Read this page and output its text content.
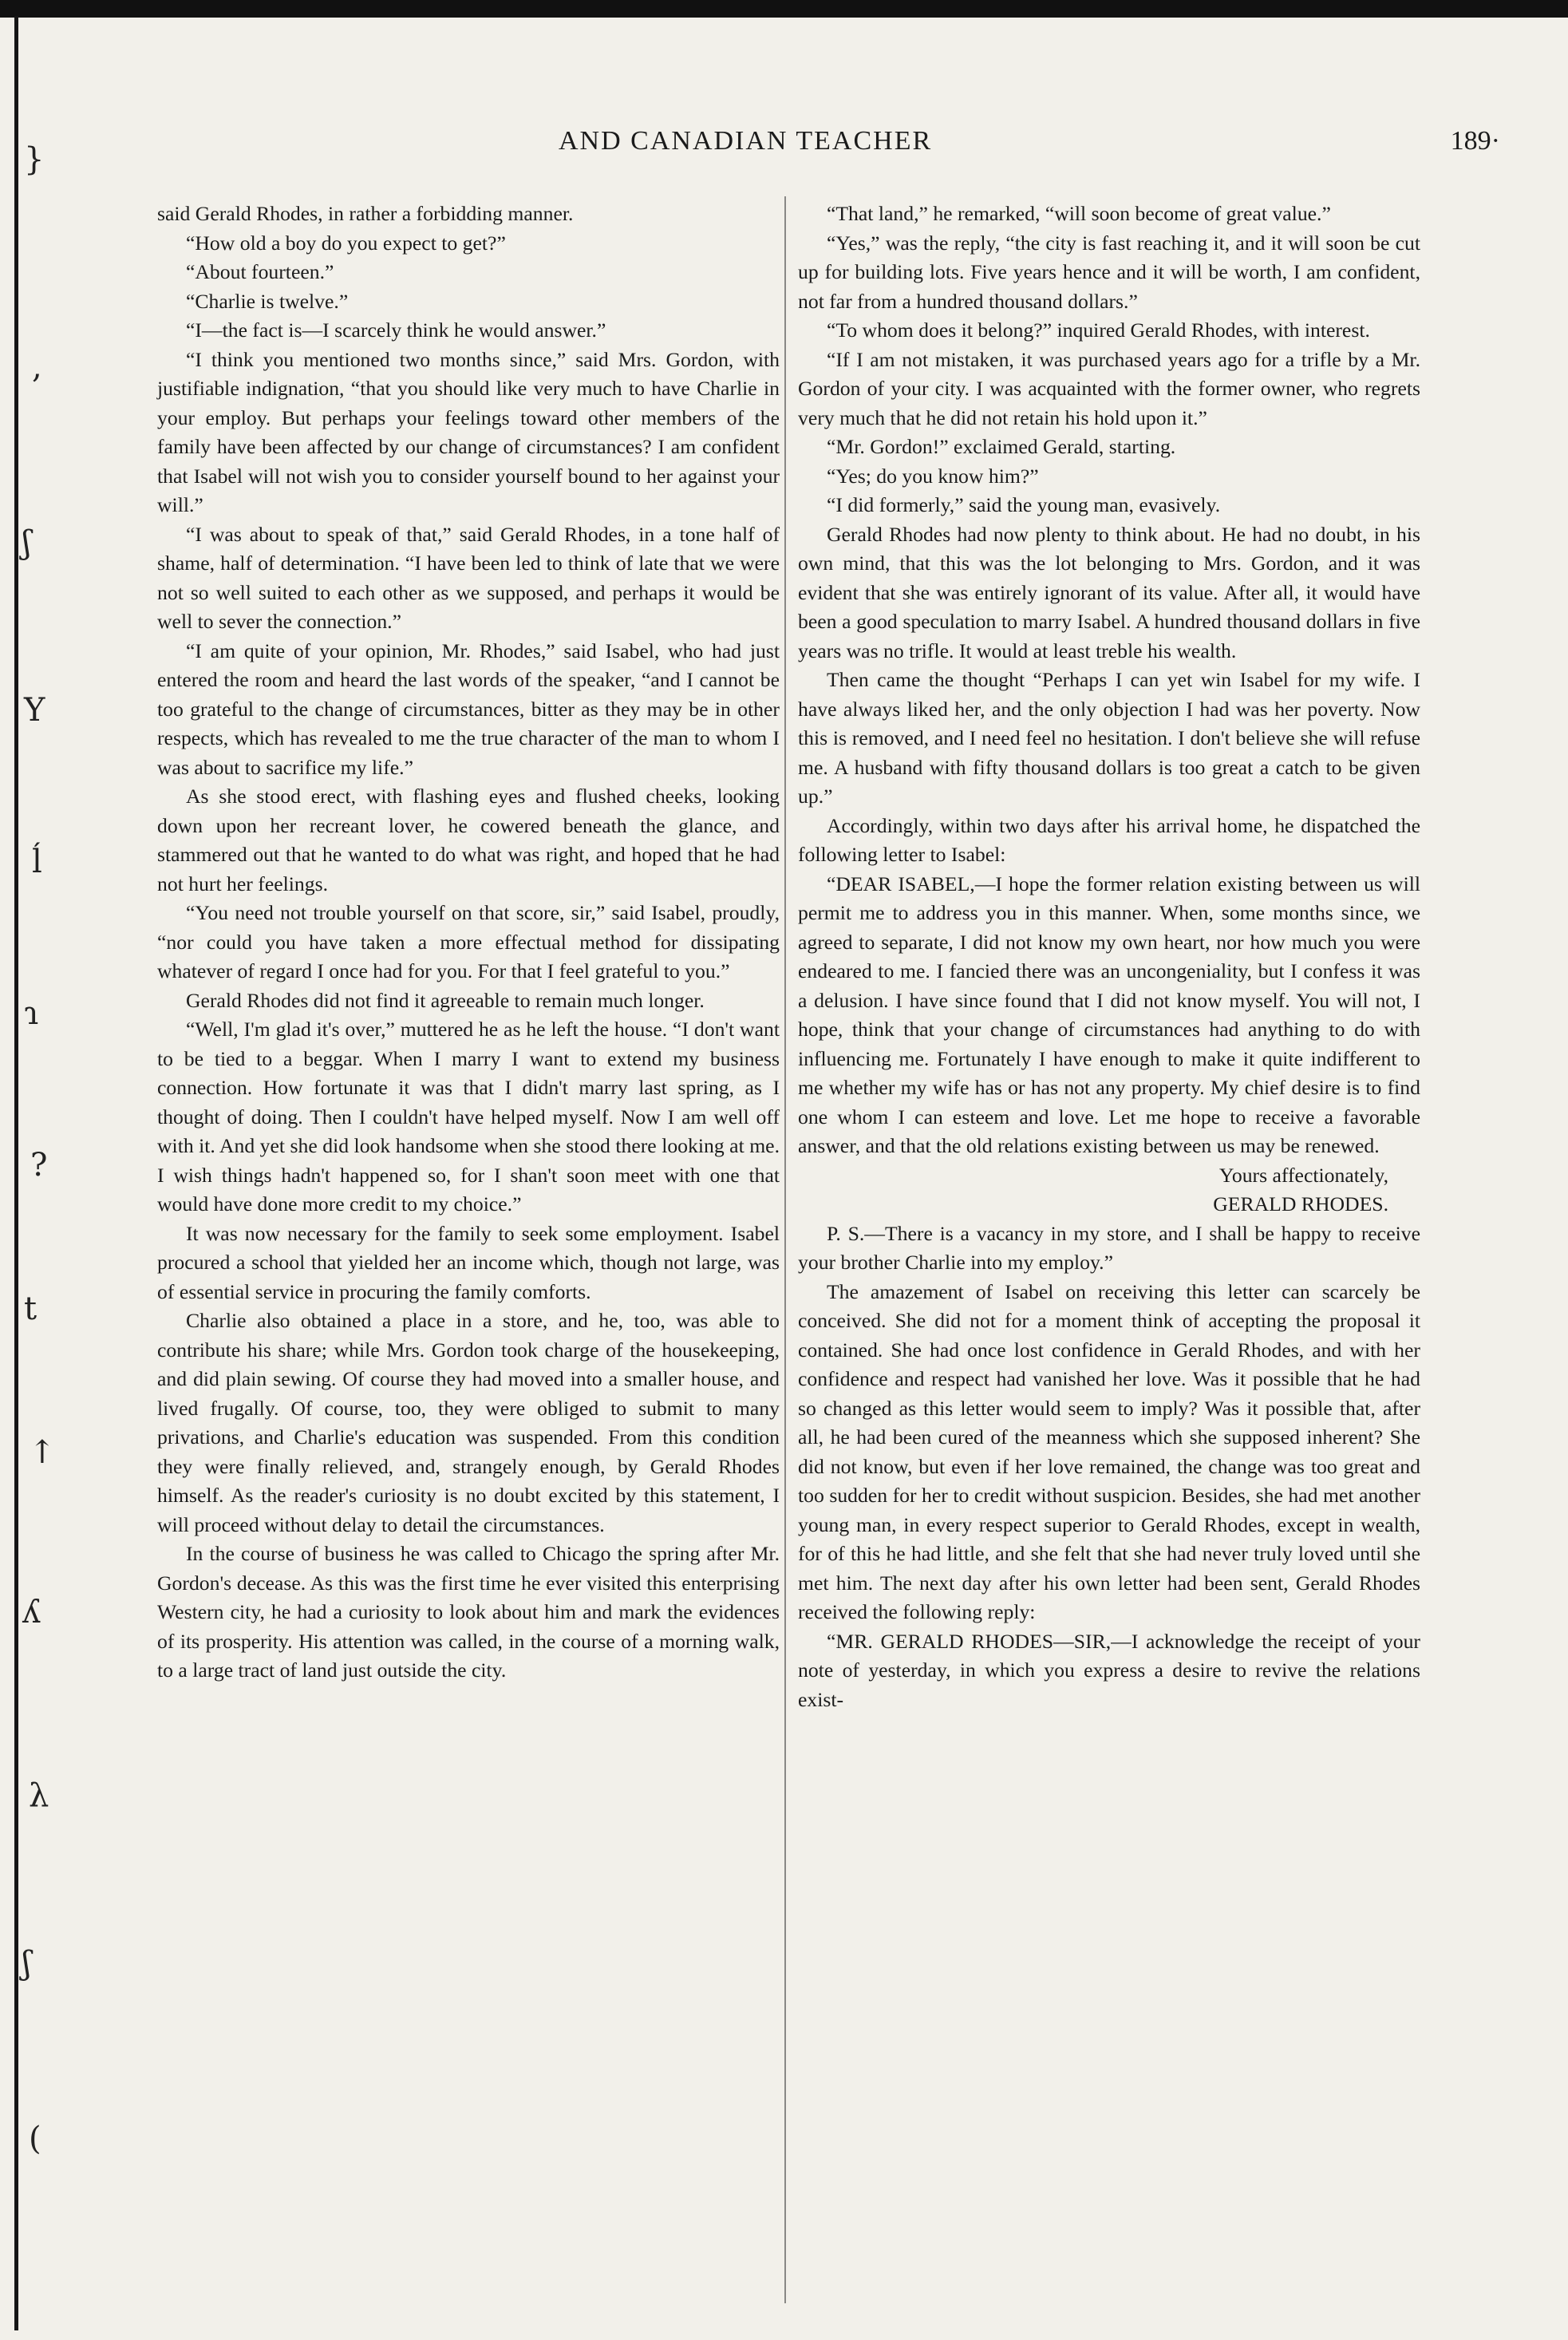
}
,
ʃ
Y
ĺ
ɿ
?
t
↑
ʎ
λ
ʃ
(
AND CANADIAN TEACHER	189·

said Gerald Rhodes, in rather a forbidding manner.

“How old a boy do you expect to get?”

“About fourteen.”

“Charlie is twelve.”

“I—the fact is—I scarcely think he would answer.”

“I think you mentioned two months since,” said Mrs. Gordon, with justifiable indignation, “that you should like very much to have Charlie in your employ. But perhaps your feelings toward other members of the family have been affected by our change of circumstances? I am confident that Isabel will not wish you to consider yourself bound to her against your will.”

“I was about to speak of that,” said Gerald Rhodes, in a tone half of shame, half of determination. “I have been led to think of late that we were not so well suited to each other as we supposed, and perhaps it would be well to sever the connection.”

“I am quite of your opinion, Mr. Rhodes,” said Isabel, who had just entered the room and heard the last words of the speaker, “and I cannot be too grateful to the change of circumstances, bitter as they may be in other respects, which has revealed to me the true character of the man to whom I was about to sacrifice my life.”

As she stood erect, with flashing eyes and flushed cheeks, looking down upon her recreant lover, he cowered beneath the glance, and stammered out that he wanted to do what was right, and hoped that he had not hurt her feelings.

“You need not trouble yourself on that score, sir,” said Isabel, proudly, “nor could you have taken a more effectual method for dissipating whatever of regard I once had for you. For that I feel grateful to you.”

Gerald Rhodes did not find it agreeable to remain much longer.

“Well, I'm glad it's over,” muttered he as he left the house. “I don't want to be tied to a beggar. When I marry I want to extend my business connection. How fortunate it was that I didn't marry last spring, as I thought of doing. Then I couldn't have helped myself. Now I am well off with it. And yet she did look handsome when she stood there looking at me. I wish things hadn't happened so, for I shan't soon meet with one that would have done more credit to my choice.”

It was now necessary for the family to seek some employment. Isabel procured a school that yielded her an income which, though not large, was of essential service in procuring the family comforts.

Charlie also obtained a place in a store, and he, too, was able to contribute his share; while Mrs. Gordon took charge of the housekeeping, and did plain sewing. Of course they had moved into a smaller house, and lived frugally. Of course, too, they were obliged to submit to many privations, and Charlie's education was suspended. From this condition they were finally relieved, and, strangely enough, by Gerald Rhodes himself. As the reader's curiosity is no doubt excited by this statement, I will proceed without delay to detail the circumstances.

In the course of business he was called to Chicago the spring after Mr. Gordon's decease. As this was the first time he ever visited this enterprising Western city, he had a curiosity to look about him and mark the evidences of its prosperity. His attention was called, in the course of a morning walk, to a large tract of land just outside the city.

“That land,” he remarked, “will soon become of great value.”

“Yes,” was the reply, “the city is fast reaching it, and it will soon be cut up for building lots. Five years hence and it will be worth, I am confident, not far from a hundred thousand dollars.”

“To whom does it belong?” inquired Gerald Rhodes, with interest.

“If I am not mistaken, it was purchased years ago for a trifle by a Mr. Gordon of your city. I was acquainted with the former owner, who regrets very much that he did not retain his hold upon it.”

“Mr. Gordon!” exclaimed Gerald, starting.

“Yes; do you know him?”

“I did formerly,” said the young man, evasively.

Gerald Rhodes had now plenty to think about. He had no doubt, in his own mind, that this was the lot belonging to Mrs. Gordon, and it was evident that she was entirely ignorant of its value. After all, it would have been a good speculation to marry Isabel. A hundred thousand dollars in five years was no trifle. It would at least treble his wealth.

Then came the thought “Perhaps I can yet win Isabel for my wife. I have always liked her, and the only objection I had was her poverty. Now this is removed, and I need feel no hesitation. I don't believe she will refuse me. A husband with fifty thousand dollars is too great a catch to be given up.”

Accordingly, within two days after his arrival home, he dispatched the following letter to Isabel:

“DEAR ISABEL,—I hope the former relation existing between us will permit me to address you in this manner. When, some months since, we agreed to separate, I did not know my own heart, nor how much you were endeared to me. I fancied there was an uncongeniality, but I confess it was a delusion. I have since found that I did not know myself. You will not, I hope, think that your change of circumstances had anything to do with influencing me. Fortunately I have enough to make it quite indifferent to me whether my wife has or has not any property. My chief desire is to find one whom I can esteem and love. Let me hope to receive a favorable answer, and that the old relations existing between us may be renewed.

Yours affectionately,

GERALD RHODES.

P. S.—There is a vacancy in my store, and I shall be happy to receive your brother Charlie into my employ.”

The amazement of Isabel on receiving this letter can scarcely be conceived. She did not for a moment think of accepting the proposal it contained. She had once lost confidence in Gerald Rhodes, and with her confidence and respect had vanished her love. Was it possible that he had so changed as this letter would seem to imply? Was it possible that, after all, he had been cured of the meanness which she supposed inherent? She did not know, but even if her love remained, the change was too great and too sudden for her to credit without suspicion. Besides, she had met another young man, in every respect superior to Gerald Rhodes, except in wealth, for of this he had little, and she felt that she had never truly loved until she met him. The next day after his own letter had been sent, Gerald Rhodes received the following reply:

“MR. GERALD RHODES—SIR,—I acknowledge the receipt of your note of yesterday, in which you express a desire to revive the relations exist-
